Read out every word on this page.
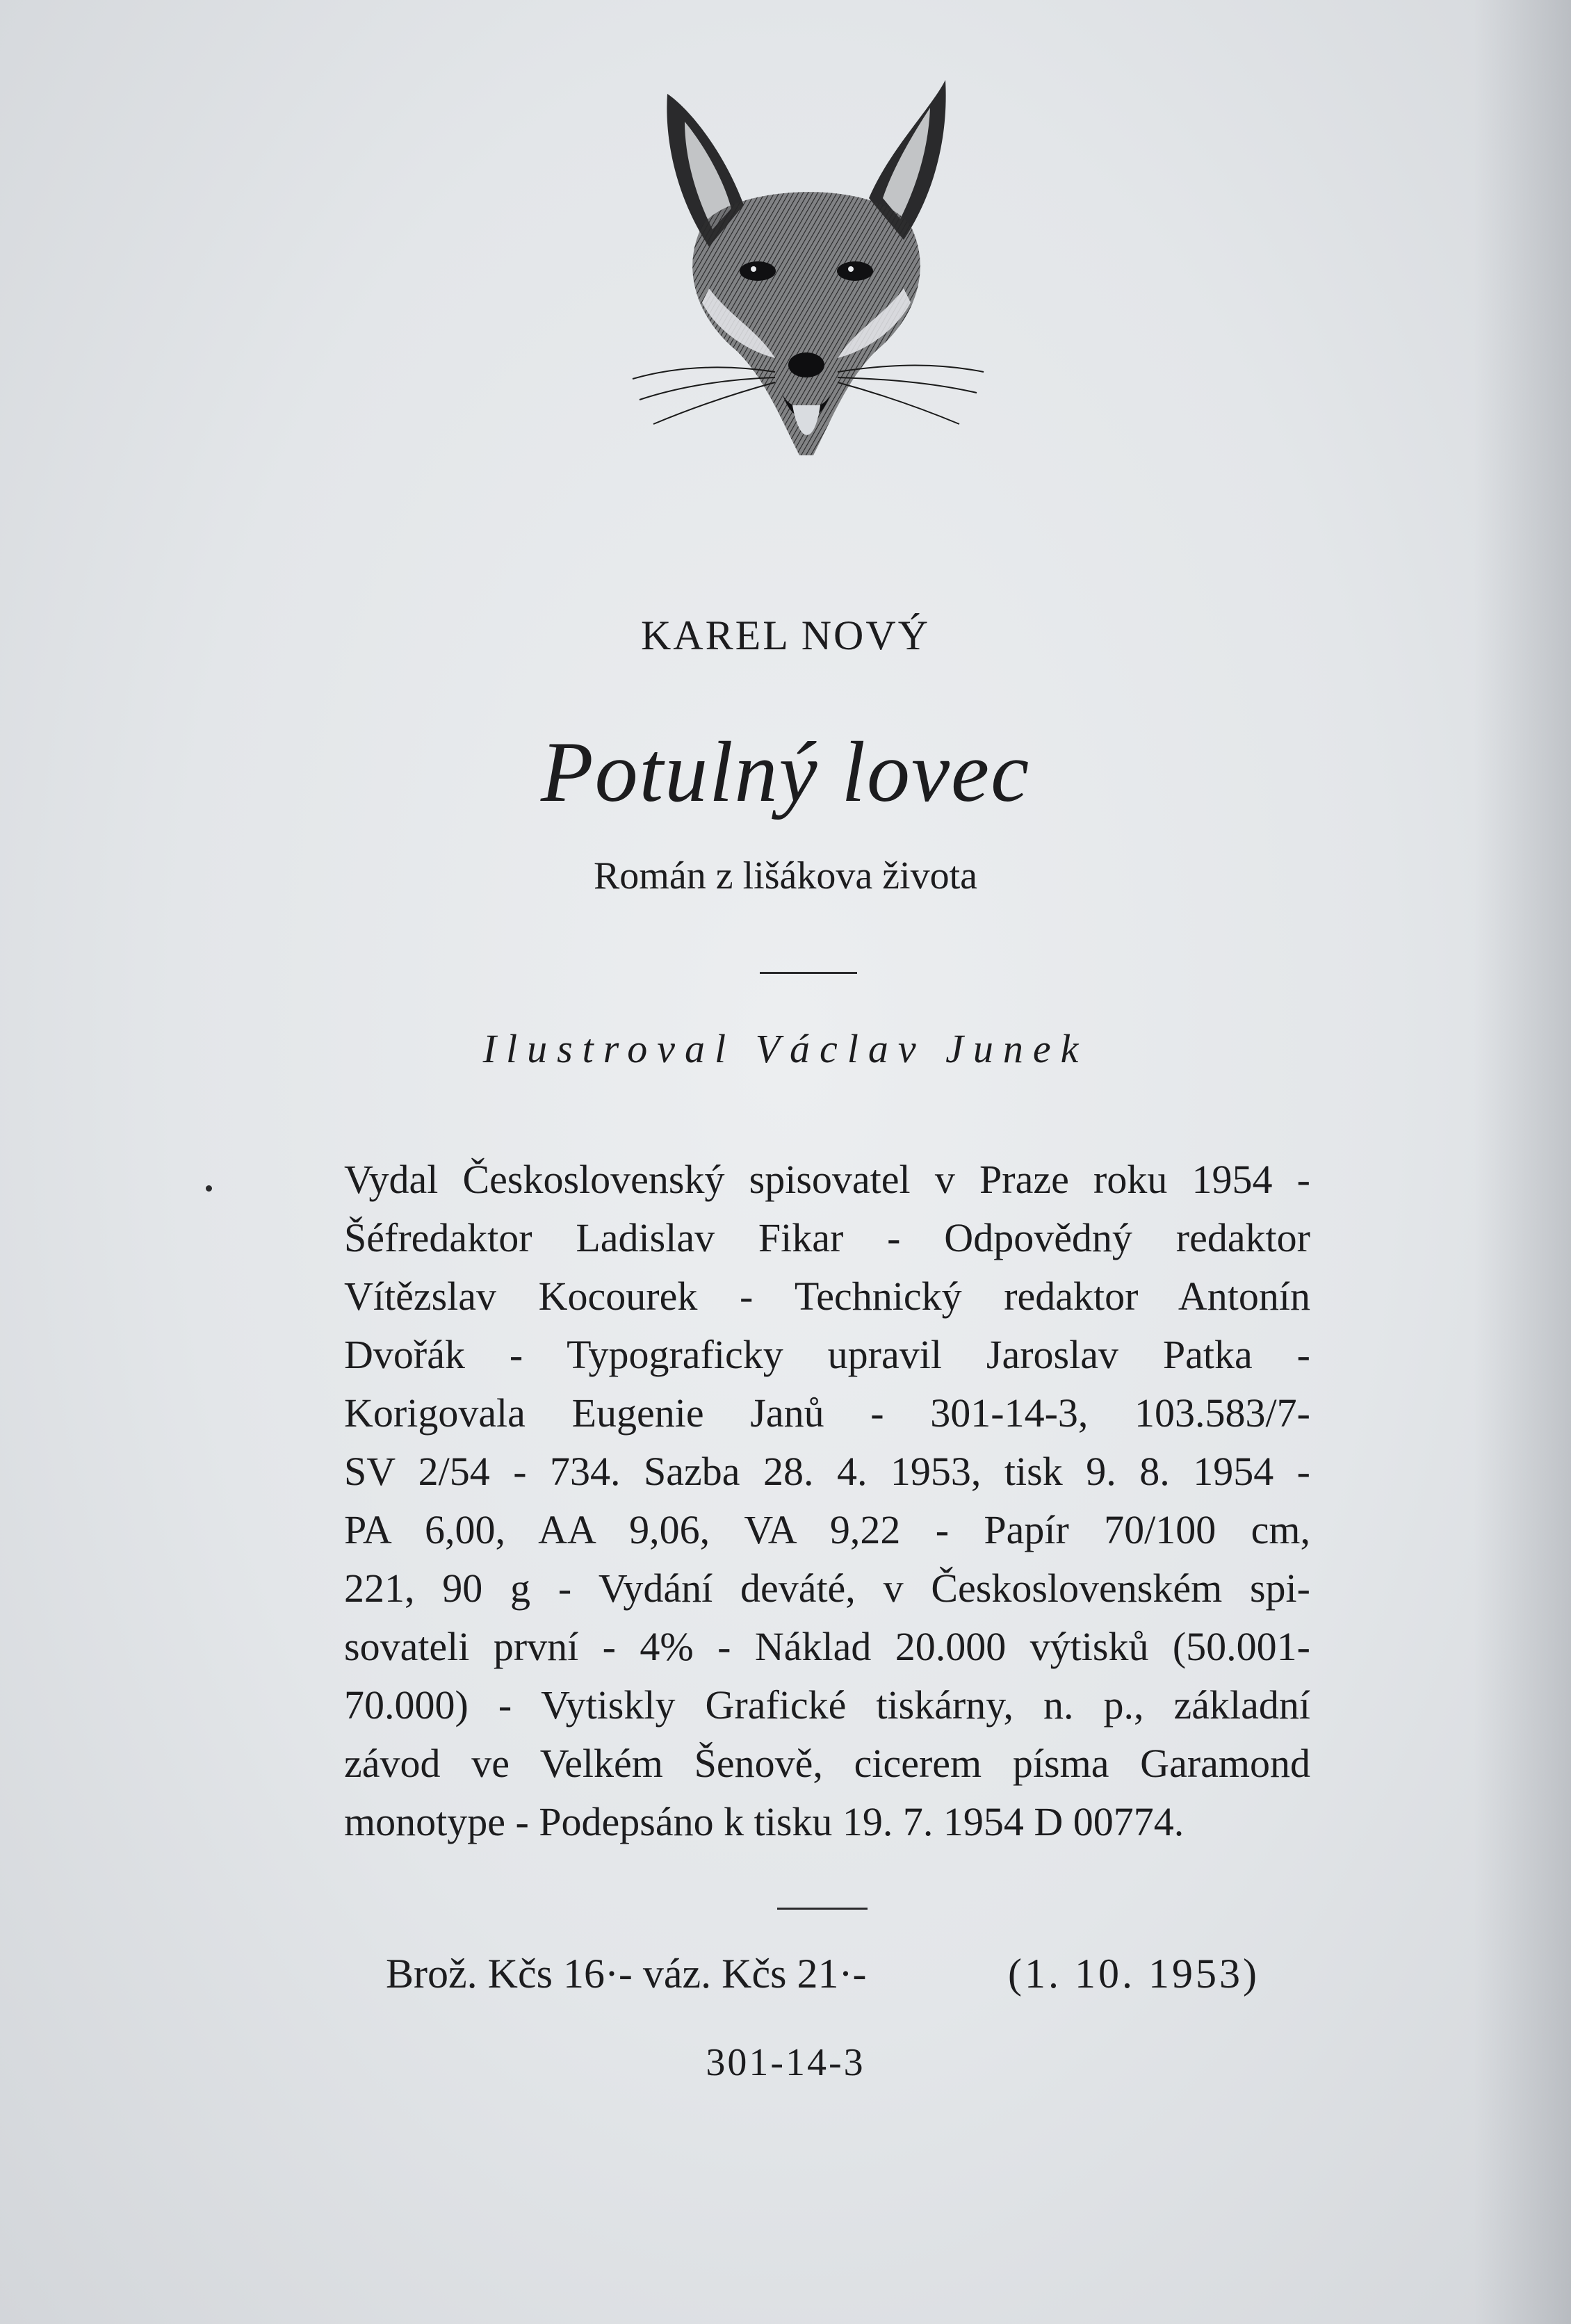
KAREL NOVÝ
Potulný lovec
Román z lišákova života
Ilustroval Václav Junek
Vydal Československý spisovatel v Praze roku 1954 -
Šéfredaktor Ladislav Fikar - Odpovědný redaktor
Vítězslav Kocourek - Technický redaktor Antonín
Dvořák - Typograficky upravil Jaroslav Patka -
Korigovala Eugenie Janů - 301-14-3, 103.583/7-
SV 2/54 - 734. Sazba 28. 4. 1953, tisk 9. 8. 1954 -
PA 6,00, AA 9,06, VA 9,22 - Papír 70/100 cm,
221, 90 g - Vydání deváté, v Československém spi-
sovateli první - 4% - Náklad 20.000 výtisků (50.001-
70.000) - Vytiskly Grafické tiskárny, n. p., základní
závod ve Velkém Šenově, cicerem písma Garamond
monotype - Podepsáno k tisku 19. 7. 1954 D 00774.
Brož. Kčs 16·- váz. Kčs 21·-	(1. 10. 1953)
301-14-3
